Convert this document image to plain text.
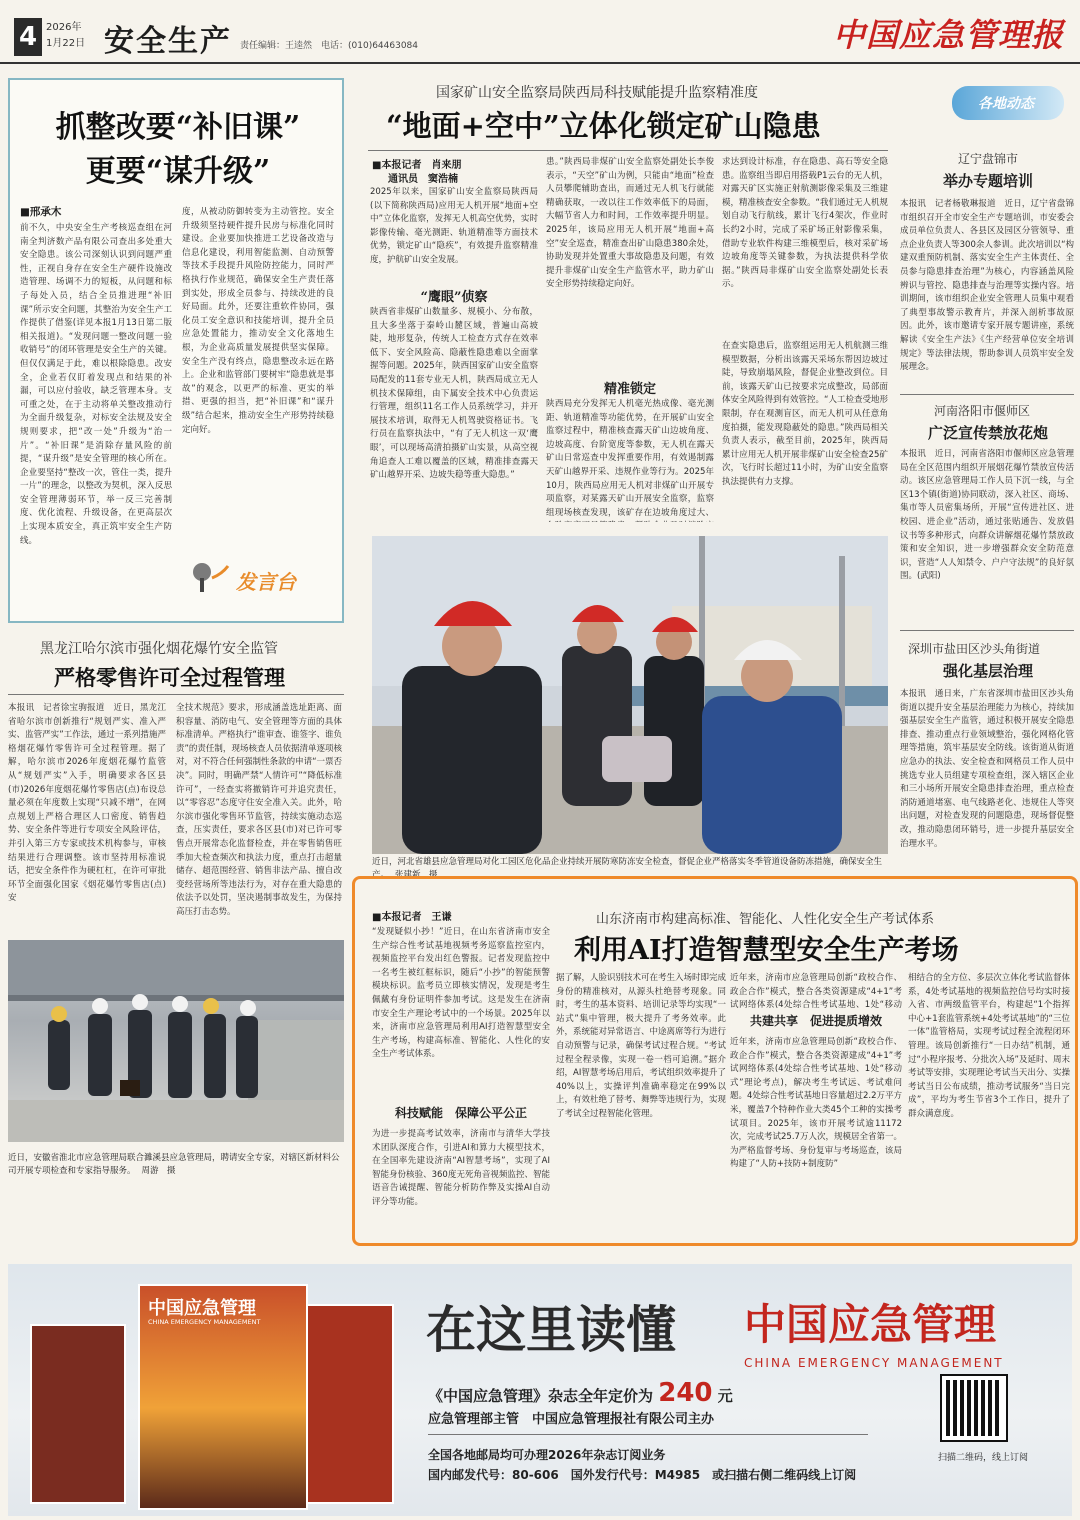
4 2026年
1月22日 安全生产 责任编辑：王逵然　电话：(010)64463084	中国应急管理报
抓整改要“补旧课”
更要“谋升级”
■邢承木
前不久，中央安全生产考核巡查组在河南全判济数产品有限公司查出多处重大安全隐患。该公司深刻认识到问题严重性，正视自身存在安全生产硬件设施改造管理、场调不力的短板，从问题和标子每处入员，结合全员推进理“补旧课”所示安全问题，其整治为安全生产工作提供了借鉴(详见本报1月13日第二版相关报道)。“发现问题一整改问题一验收销号”的闭环管理是安全生产的关键。但仅仅满足于此，难以根除隐患。改安全，企业若仅盯着发现点和结果的补漏，可以应付验收，缺乏管理本身。支可重之处，在于主动将单关整改推动行为全面升级复杂，对标安全法规及安全规则要求，把“改一处”升级为“治一片”。“补旧课”是消除存量风险的前提，“谋升级”是安全管理的核心所在。企业要坚持“整改一次，管住一类，提升一片”的理念，以整改为契机，深入反思安全管理薄弱环节，举一反三完善制度、优化流程、升级设备，在更高层次上实现本质安全，真正筑牢安全生产防线。
度，从被动防御转变为主动管控。安全升级须坚持硬件提升民房与标准化同时建设。企业要加快推进工艺设备改造与信息化建设，利用智能监测、自动预警等技术手段提升风险防控能力，同时严格执行作业规范，确保安全生产责任落到实处，形成全员参与、持续改进的良好局面。此外，还要注重软件协同，强化员工安全意识和技能培训，提升全员应急处置能力，推动安全文化落地生根，为企业高质量发展提供坚实保障。安全生产没有终点，隐患整改永远在路上。企业和监管部门要树牢“隐患就是事故”的观念，以更严的标准、更实的举措、更强的担当，把“补旧课”和“谋升级”结合起来，推动安全生产形势持续稳定向好。
发言台
黑龙江哈尔滨市强化烟花爆竹安全监管
严格零售许可全过程管理
本报讯　记者徐宝驹报道　近日，黑龙江省哈尔滨市创新推行“规划严实、准入严实、监管严实”工作法，通过一系列措施严格烟花爆竹零售许可全过程管理。据了解，哈尔滨市2026年度烟花爆竹监管从“规划严实”入手，明确要求各区县(市)2026年度烟花爆竹零售店(点)布设总量必须在年度数上实现“只减不增”，在网点规划上严格合理区人口密度、销售趋势、安全条件等进行专项安全风险评估，并引入第三方专家或技术机构参与，审核结果进行合理调整。该市坚持用标准说话，把安全条件作为硬杠杠，在许可审批环节全面强化国家《烟花爆竹零售店(点)安
全技术规范》要求，形成涵盖选址距离、面积容量、消防电气、安全管理等方面的具体标准清单。严格执行“谁审查、谁签字、谁负责”的责任制，现场核查人员依据清单逐项核对，对不符合任何强制性条款的申请“一票否决”。同时，明确严禁“人情许可”“降低标准许可”，一经查实将撤销许可并追究责任，以“零容忍”态度守住安全准入关。此外，哈尔滨市强化零售环节监管，持续实施动态巡查，压实责任，要求各区县(市)对已许可零售点开展常态化监督检查，并在零售销售旺季加大检查频次和执法力度，重点打击超量储存、超范围经营、销售非法产品、擅自改变经营场所等违法行为，对存在重大隐患的依法予以处罚，坚决遏制事故发生，为保持高压打击态势。
近日，安徽省淮北市应急管理局联合濉溪县应急管理局，聘请安全专家，对辖区新材料公司开展专项检查和专家指导服务。 周游　摄
国家矿山安全监察局陕西局科技赋能提升监察精准度
“地面+空中”立体化锁定矿山隐患
■本报记者　肖来朋
通讯员　窦浩楠
2025年以来，国家矿山安全监察局陕西局(以下简称陕西局)应用无人机开展“地面+空中”立体化监察，发挥无人机高空优势，实时影像传输、毫光测距、轨道精准等方面技术优势，锁定矿山“隐疾”，有效提升监察精准度，护航矿山安全发展。
“鹰眼”侦察
陕西省非煤矿山数量多、规模小、分布散，且大多坐落于秦岭山麓区域，普遍山高坡陡，地形复杂，传统人工检查方式存在效率低下、安全风险高、隐蔽性隐患难以全面掌握等问题。2025年，陕西国家矿山安全监察局配发的11套专业无人机，陕西局成立无人机技术保障组，由下属安全技术中心负责运行管理，组织11名工作人员系统学习，并开展技术培训，取得无人机驾驶资格证书。飞行员在监察执法中，“有了无人机这一双‘鹰眼’，可以现场高清拍摄矿山实景，从高空视角追查人工难以覆盖的区域，精准排查露天矿山越界开采、边坡失稳等重大隐患。”
患。”陕西局非煤矿山安全监察处副处长李俊表示，“天空”矿山为例，只能由“地面”检查人员攀爬辅助查出，而通过无人机飞行就能精确获取，一改以往工作效率低下的局面，大幅节省人力和时间，工作效率提升明显。2025年，该局应用无人机开展“地面+高空”安全巡查，精准查出矿山隐患380余处，协助发现并处置重大事故隐患及问题，有效提升非煤矿山安全生产监管水平，助力矿山安全形势持续稳定向好。
精准锁定
陕西局充分发挥无人机毫光热成像、毫光测距、轨道精准等功能优势，在开展矿山安全监察过程中，精准核查露天矿山边坡角度、边坡高度、台阶宽度等参数，无人机在露天矿山日常巡查中发挥重要作用，有效遏制露天矿山越界开采、违规作业等行为。2025年10月，陕西局应用无人机对非煤矿山开展专项监察，对某露天矿山开展安全监察，监察组现场核查发现，该矿存在边坡角度过大、
求达到设计标准，存在隐患、高石等安全隐患。监察组当即启用搭载P1云台的无人机，对露天矿区实施正射航测影像采集及三维建模，精准核查安全参数。“我们通过无人机规划自动飞行航线，累计飞行4架次，作业时长约2小时，完成了采矿场正射影像采集，借助专业软件构建三维模型后，核对采矿场边坡角度等关键参数，为执法提供科学依据。”陕西局非煤矿山安全监察处副处长表示。
在查实隐患后，监察组运用无人机航测三维模型数据，分析出该露天采场东帮因边坡过陡，导致崩塌风险，督促企业整改到位。目前，该露天矿山已按要求完成整改，局部面体安全风险得到有效管控。“人工检查受地形限制，存在观测盲区，而无人机可从任意角度拍摄，能发现隐蔽处的隐患。”陕西局相关负责人表示，截至目前，2025年，陕西局累计应用无人机开展非煤矿山安全检查25矿次，飞行时长超过11小时，为矿山安全监察执法提供有力支撑。
近日，河北省雄县应急管理局对化工园区危化品企业持续开展防寒防冻安全检查，督促企业严格落实冬季管道设备防冻措施，确保安全生产。 张建新　摄
各地动态
辽宁盘锦市
举办专题培训
本报讯　记者杨敬琳报道　近日，辽宁省盘锦市组织召开全市安全生产专题培训，市安委会成员单位负责人、各县区及园区分管领导、重点企业负责人等300余人参训。此次培训以“构建双重预防机制、落实安全生产主体责任、全员参与隐患排查治理”为核心，内容涵盖风险辨识与管控、隐患排查与治理等实操内容。培训期间，该市组织企业安全管理人员集中观看了典型事故警示教育片，并深入剖析事故原因。此外，该市邀请专家开展专题讲座，系统解读《安全生产法》《生产经营单位安全培训规定》等法律法规，帮助参训人员筑牢安全发展理念。
河南洛阳市偃师区
广泛宣传禁放花炮
本报讯　近日，河南省洛阳市偃师区应急管理局在全区范围内组织开展烟花爆竹禁放宣传活动。该区应急管理局工作人员下沉一线，与全区13个镇(街道)协同联动，深入社区、商场、集市等人员密集场所，开展“宣传进社区、进校园、进企业”活动，通过张贴通告、发放倡议书等多种形式，向群众讲解烟花爆竹禁放政策和安全知识，进一步增强群众安全防范意识，营造“人人知禁令、户户守法规”的良好氛围。(武阳)
深圳市盐田区沙头角街道
强化基层治理
本报讯　通日来，广东省深圳市盐田区沙头角街道以提升安全基层治理能力为核心，持续加强基层安全生产监管，通过积极开展安全隐患排查、推动重点行业领域整治，强化网格化管理等措施，筑牢基层安全防线。该街道从街道应急办的执法、安全检查和网格员工作人员中挑选专业人员组建专项检查组，深入辖区企业和三小场所开展安全隐患排查治理，重点检查消防通道堵塞、电气线路老化、违规住人等突出问题，对检查发现的问题隐患，现场督促整改，推动隐患闭环销号，进一步提升基层安全治理水平。
■本报记者　王谦	山东济南市构建高标准、智能化、人性化安全生产考试体系
利用AI打造智慧型安全生产考场
“发现疑似小抄！”近日，在山东省济南市安全生产综合性考试基地视频考务巡察监控室内，视频监控平台发出红色警报。记者发现监控中一名考生被红框标识，随后“小抄”的智能预警模块标识。监考员立即核实情况，发现是考生佩戴有身份证明件参加考试。这是发生在济南市安全生产理论考试中的一个场景。2025年以来，济南市应急管理局利用AI打造智慧型安全生产考场，构建高标准、智能化、人性化的安全生产考试体系。
科技赋能　保障公平公正
为进一步提高考试效率，济南市与清华大学技术团队深度合作，引进AI和算力大模型技术，在全国率先建设济南“AI智慧考场”，实现了AI智能身份核验、360度无死角音视频监控、智能语音告诫提醒、智能分析防作弊及实操AI自动评分等功能。
据了解，人脸识别技术可在考生入场时即完成身份的精准核对，从源头杜绝替考现象。同时，考生的基本资料、培训记录等均实现“一站式”集中管理，极大提升了考务效率。此外，系统能对异常语言、中途离席等行为进行自动预警与记录，确保考试过程合规。“考试过程全程录像，实现一卷一档可追溯。”据介绍，AI智慧考场启用后，考试组织效率提升了40%以上，实操评判准确率稳定在99%以上，有效杜绝了替考、舞弊等违规行为，实现了考试全过程智能化管理。
共建共享　促进提质增效
近年来，济南市应急管理局创新“政校合作、政企合作”模式，整合各类资源建成“4+1”考试网络体系(4处综合性考试基地、1处“移动
近年来，济南市应急管理局创新“政校合作、政企合作”模式，整合各类资源建成“4+1”考试网络体系(4处综合性考试基地、1处“移动式”理论考点)，解决考生考试远、考试难问题。4处综合性考试基地日容量超过2.2万平方米，覆盖7个特种作业大类45个工种的实操考试项目。2025年，该市开展考试逾11172次，完成考试25.7万人次，规模居全省第一。为严格监督考场、身份复审与考场巡查，该局构建了“人防+技防+制度防”
相结合的全方位、多层次立体化考试监督体系，4处考试基地的视频监控信号均实时接入省、市两级监管平台，构建起“1个指挥中心+1套监管系统+4处考试基地”的“三位一体”监管格局，实现考试过程全流程闭环管理。该局创新推行“一日办结”机制，通过“小程序报考、分批次入场”及延时、周末考试等安排，实现理论考试当天出分、实操考试当日公布成绩，推动考试服务“当日完成”，平均为考生节省3个工作日，提升了群众满意度。
中国应急管理
CHINA EMERGENCY MANAGEMENT	在这里读懂 中国应急管理
CHINA EMERGENCY MANAGEMENT
《中国应急管理》杂志全年定价为 240 元
应急管理部主管　中国应急管理报社有限公司主办
全国各地邮局均可办理2026年杂志订阅业务
国内邮发代号：80-606　国外发行代号：M4985　或扫描右侧二维码线上订阅
扫描二维码，线上订阅
